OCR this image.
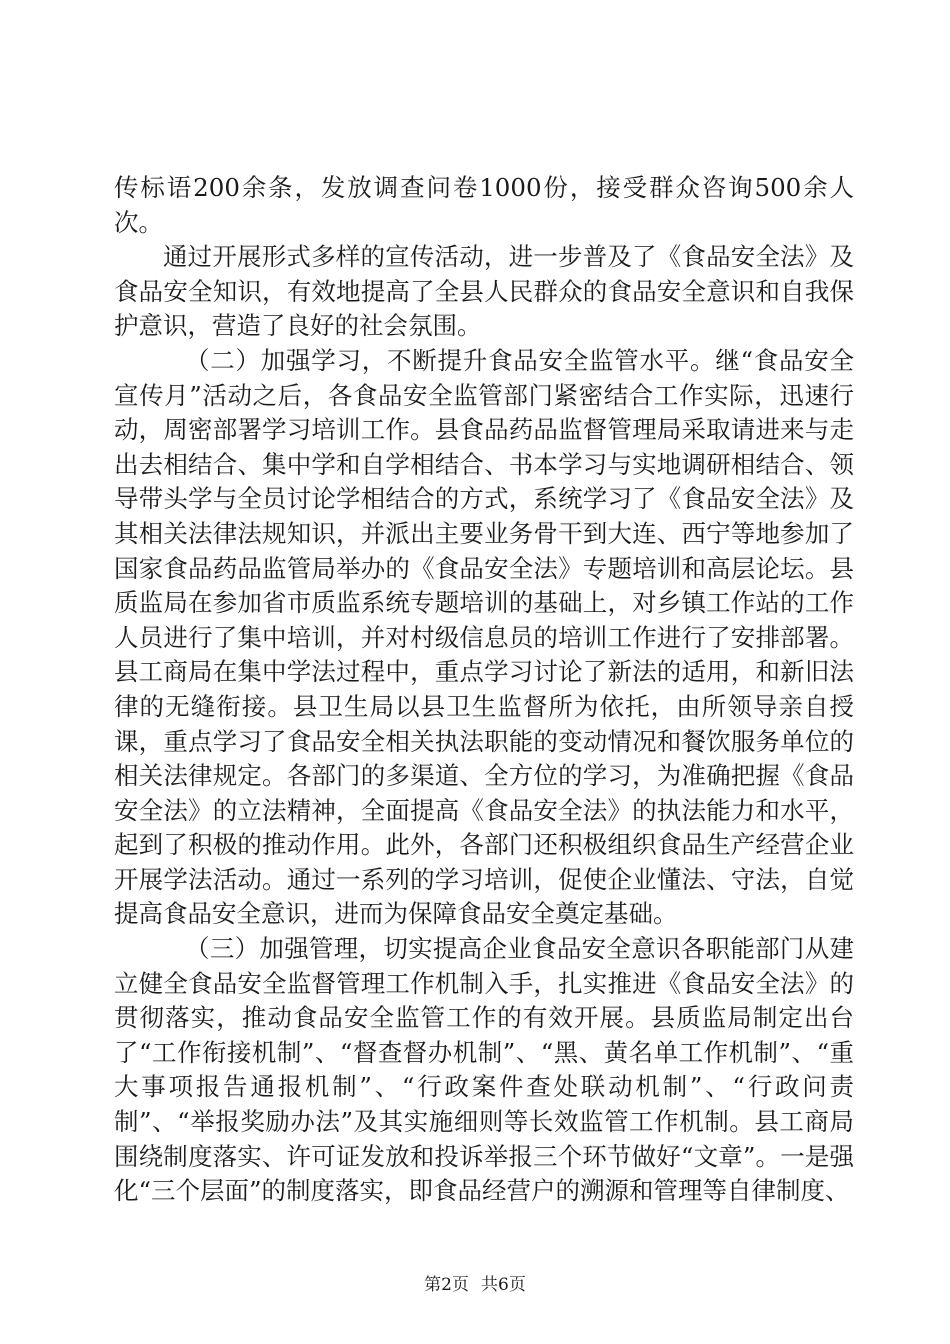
传标语200余条，发放调查问卷1000份，接受群众咨询500余人次。

通过开展形式多样的宣传活动，进一步普及了《食品安全法》及食品安全知识，有效地提高了全县人民群众的食品安全意识和自我保护意识，营造了良好的社会氛围。

（二）加强学习，不断提升食品安全监管水平。继“食品安全宣传月”活动之后，各食品安全监管部门紧密结合工作实际，迅速行动，周密部署学习培训工作。县食品药品监督管理局采取请进来与走出去相结合、集中学和自学相结合、书本学习与实地调研相结合、领导带头学与全员讨论学相结合的方式，系统学习了《食品安全法》及其相关法律法规知识，并派出主要业务骨干到大连、西宁等地参加了国家食品药品监管局举办的《食品安全法》专题培训和高层论坛。县质监局在参加省市质监系统专题培训的基础上，对乡镇工作站的工作人员进行了集中培训，并对村级信息员的培训工作进行了安排部署。县工商局在集中学法过程中，重点学习讨论了新法的适用，和新旧法律的无缝衔接。县卫生局以县卫生监督所为依托，由所领导亲自授课，重点学习了食品安全相关执法职能的变动情况和餐饮服务单位的相关法律规定。各部门的多渠道、全方位的学习，为准确把握《食品安全法》的立法精神，全面提高《食品安全法》的执法能力和水平，起到了积极的推动作用。此外，各部门还积极组织食品生产经营企业开展学法活动。通过一系列的学习培训，促使企业懂法、守法，自觉提高食品安全意识，进而为保障食品安全奠定基础。

（三）加强管理，切实提高企业食品安全意识各职能部门从建立健全食品安全监督管理工作机制入手，扎实推进《食品安全法》的贯彻落实，推动食品安全监管工作的有效开展。县质监局制定出台了“工作衔接机制”、“督查督办机制”、“黑、黄名单工作机制”、“重大事项报告通报机制”、“行政案件查处联动机制”、“行政问责制”、“举报奖励办法”及其实施细则等长效监管工作机制。县工商局围绕制度落实、许可证发放和投诉举报三个环节做好“文章”。一是强化“三个层面”的制度落实，即食品经营户的溯源和管理等自律制度、

第2页 共6页
